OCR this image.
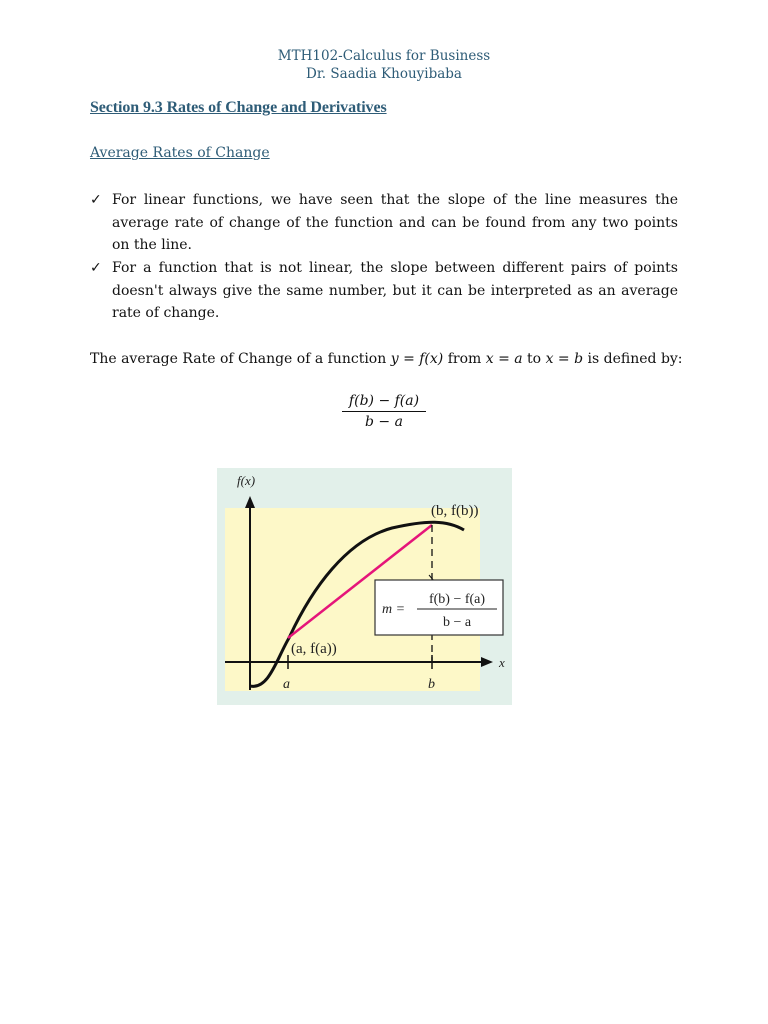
MTH102-Calculus for Business
Dr. Saadia Khouyibaba
Section 9.3 Rates of Change and Derivatives
Average Rates of Change
✓ For linear functions, we have seen that the slope of the line measures the average rate of change of the function and can be found from any two points on the line.
✓ For a function that is not linear, the slope between different pairs of points doesn't always give the same number, but it can be interpreted as an average rate of change.
The average Rate of Change of a function y = f(x) from x = a to x = b is defined by:
f(b) − f(a)
b − a
m =
f(b) − f(a)
b − a
f(x)
x
(a, f(a))
(b, f(b))
a	b
